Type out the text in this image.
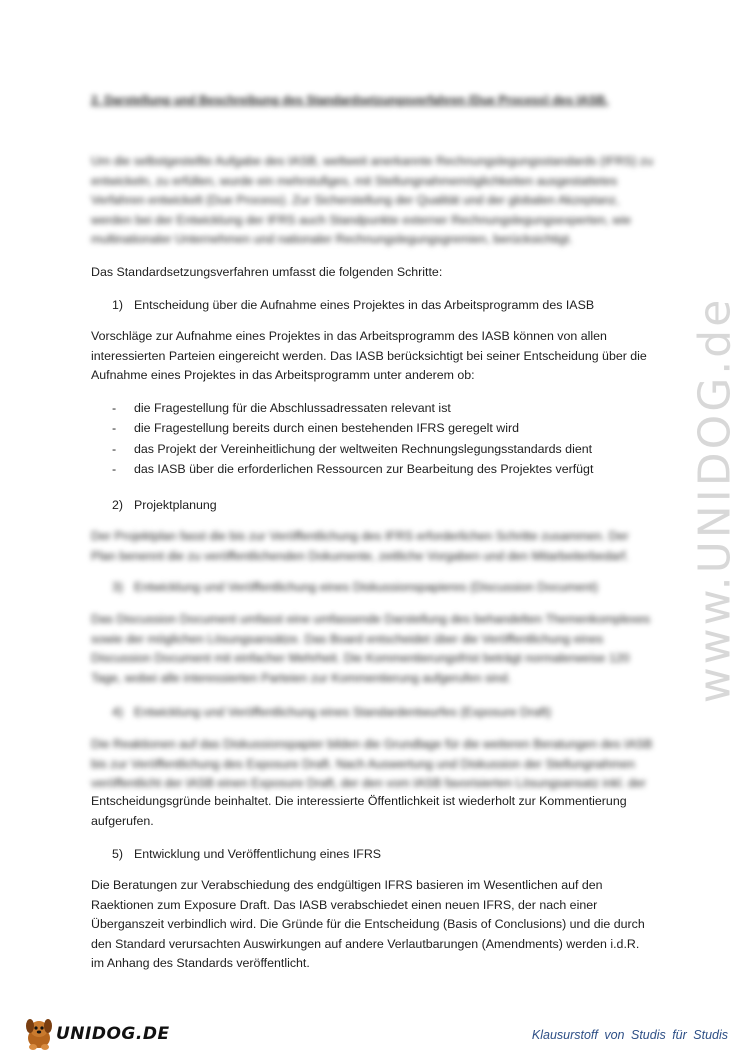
2. Darstellung und Beschreibung des Standardsetzungsverfahren (Due Process) des IASB.

Um die selbstgestellte Aufgabe des IASB, weltweit anerkannte Rechnungslegungsstandards (IFRS) zu

entwickeln, zu erfüllen, wurde ein mehrstufiges, mit Stellungnahmemöglichkeiten ausgestattetes

Verfahren entwickelt (Due Process). Zur Sicherstellung der Qualität und der globalen Akzeptanz,

werden bei der Entwicklung der IFRS auch Standpunkte externer Rechnungslegungsexperten, wie

multinationaler Unternehmen und nationaler Rechnungslegungsgremien, berücksichtigt.

Das Standardsetzungsverfahren umfasst die folgenden Schritte:
1) Entscheidung über die Aufnahme eines Projektes in das Arbeitsprogramm des IASB
Vorschläge zur Aufnahme eines Projektes in das Arbeitsprogramm des IASB können von allen interessierten Parteien eingereicht werden. Das IASB berücksichtigt bei seiner Entscheidung über die Aufnahme eines Projektes in das Arbeitsprogramm unter anderem ob:
- die Fragestellung für die Abschlussadressaten relevant ist
- die Fragestellung bereits durch einen bestehenden IFRS geregelt wird
- das Projekt der Vereinheitlichung der weltweiten Rechnungslegungsstandards dient
- das IASB über die erforderlichen Ressourcen zur Bearbeitung des Projektes verfügt
2) Projektplanung

Der Projektplan fasst die bis zur Veröffentlichung des IFRS erforderlichen Schritte zusammen. Der

Plan benennt die zu veröffentlichenden Dokumente, zeitliche Vorgaben und den Mitarbeiterbedarf.

3) Entwicklung und Veröffentlichung eines Diskussionspapieres (Discussion Document)

Das Discussion Document umfasst eine umfassende Darstellung des behandelten Themenkomplexes

sowie der möglichen Lösungsansätze. Das Board entscheidet über die Veröffentlichung eines

Discussion Document mit einfacher Mehrheit. Die Kommentierungsfrist beträgt normalerweise 120

Tage, wobei alle interessierten Parteien zur Kommentierung aufgerufen sind.

4) Entwicklung und Veröffentlichung eines Standardentwurfes (Exposure Draft)

Die Reaktionen auf das Diskussionspapier bilden die Grundlage für die weiteren Beratungen des IASB

bis zur Veröffentlichung des Exposure Draft. Nach Auswertung und Diskussion der Stellungnahmen

veröffentlicht der IASB einen Exposure Draft, der den vom IASB favorisierten Lösungsansatz inkl. der

Entscheidungsgründe beinhaltet. Die interessierte Öffentlichkeit ist wiederholt zur Kommentierung

aufgerufen.

5) Entwicklung und Veröffentlichung eines IFRS

Die Beratungen zur Verabschiedung des endgültigen IFRS basieren im Wesentlichen auf den

Raektionen zum Exposure Draft. Das IASB verabschiedet einen neuen IFRS, der nach einer

Überganszeit verbindlich wird. Die Gründe für die Entscheidung (Basis of Conclusions) und die durch

den Standard verursachten Auswirkungen auf andere Verlautbarungen (Amendments) werden i.d.R.

im Anhang des Standards veröffentlicht.

www.UNIDOG.de
UNIDOG.DE	Klausurstoff von Studis für Studis
